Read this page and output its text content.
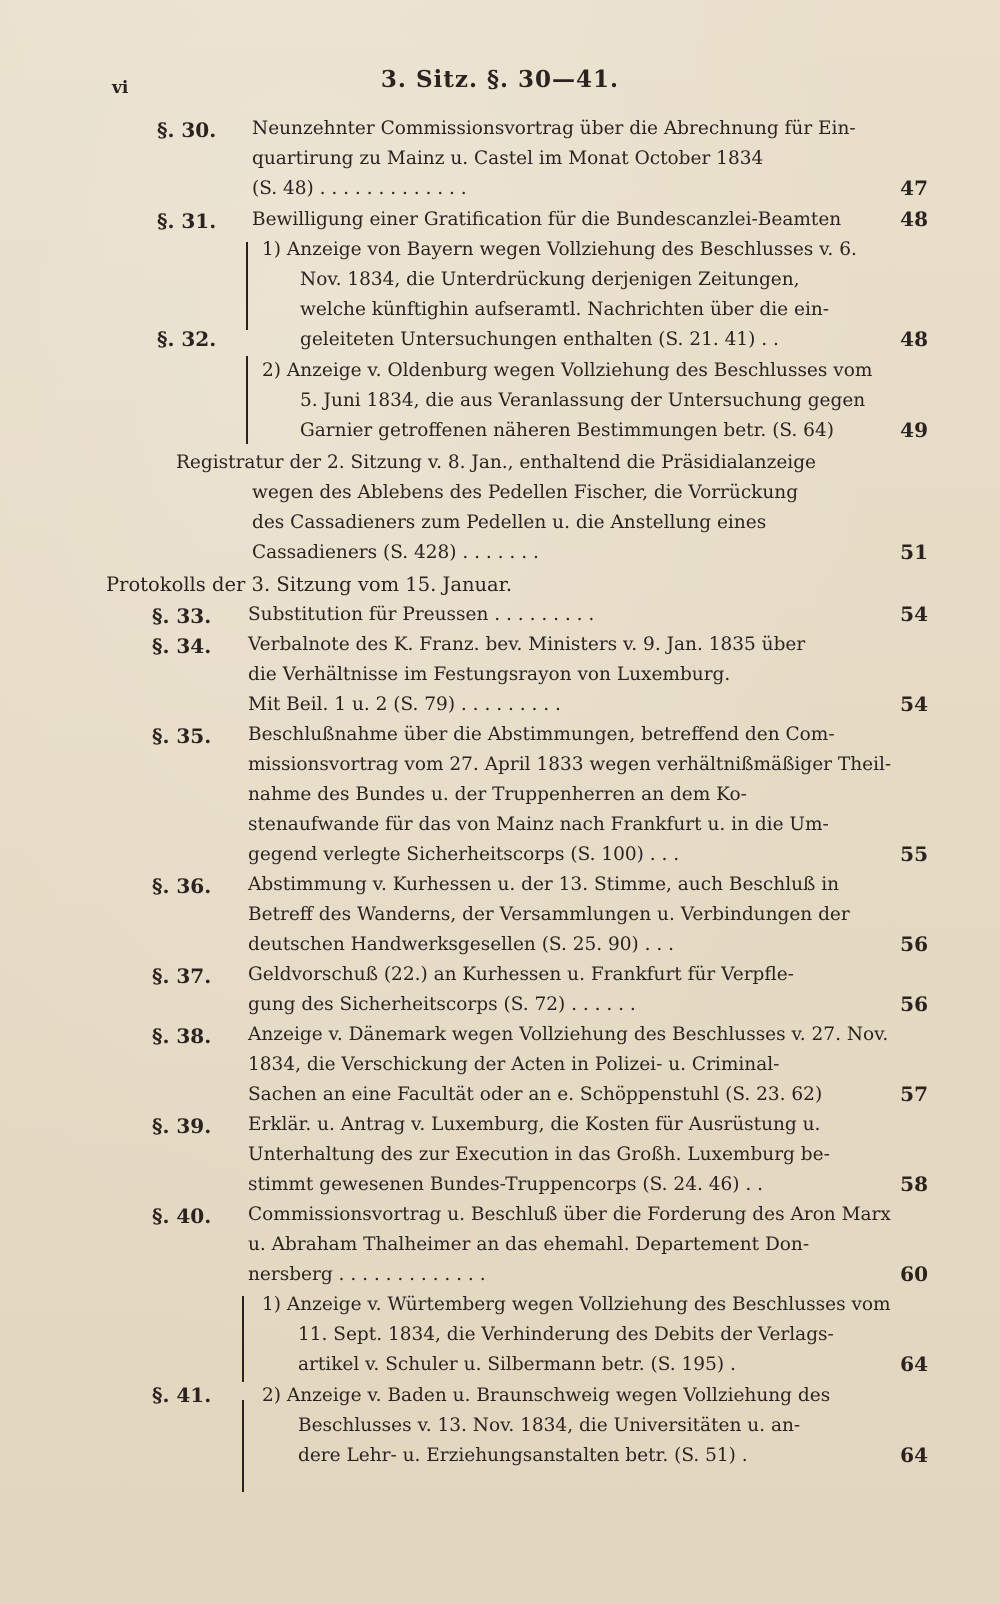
vi	3. Sitz. §. 30—41.
§. 30. Neunzehnter Commissionsvortrag über die Abrechnung für Ein-
quartirung zu Mainz u. Castel im Monat October 1834
(S. 48) . . . . . . . . . . . . .	47
§. 31. Bewilligung einer Gratification für die Bundescanzlei-Beamten	48
§. 32.
1) Anzeige von Bayern wegen Vollziehung des Beschlusses v. 6.
Nov. 1834, die Unterdrückung derjenigen Zeitungen,
welche künftighin aufseramtl. Nachrichten über die ein-
geleiteten Untersuchungen enthalten (S. 21. 41) . .	48
2) Anzeige v. Oldenburg wegen Vollziehung des Beschlusses vom
5. Juni 1834, die aus Veranlassung der Untersuchung gegen
Garnier getroffenen näheren Bestimmungen betr. (S. 64)	49
Registratur der 2. Sitzung v. 8. Jan., enthaltend die Präsidialanzeige
wegen des Ablebens des Pedellen Fischer, die Vorrückung
des Cassadieners zum Pedellen u. die Anstellung eines
Cassadieners (S. 428) . . . . . . .	51
Protokolls der 3. Sitzung vom 15. Januar.
§. 33. Substitution für Preussen . . . . . . . . .	54
§. 34. Verbalnote des K. Franz. bev. Ministers v. 9. Jan. 1835 über
die Verhältnisse im Festungsrayon von Luxemburg.
Mit Beil. 1 u. 2 (S. 79) . . . . . . . . .	54
§. 35. Beschlußnahme über die Abstimmungen, betreffend den Com-
missionsvortrag vom 27. April 1833 wegen verhältnißmäßiger Theil-
nahme des Bundes u. der Truppenherren an dem Ko-
stenaufwande für das von Mainz nach Frankfurt u. in die Um-
gegend verlegte Sicherheitscorps (S. 100) . . .	55
§. 36. Abstimmung v. Kurhessen u. der 13. Stimme, auch Beschluß in
Betreff des Wanderns, der Versammlungen u. Verbindungen der
deutschen Handwerksgesellen (S. 25. 90) . . .	56
§. 37. Geldvorschuß (22.) an Kurhessen u. Frankfurt für Verpfle-
gung des Sicherheitscorps (S. 72) . . . . . .	56
§. 38. Anzeige v. Dänemark wegen Vollziehung des Beschlusses v. 27. Nov.
1834, die Verschickung der Acten in Polizei- u. Criminal-
Sachen an eine Facultät oder an e. Schöppenstuhl (S. 23. 62)	57
§. 39. Erklär. u. Antrag v. Luxemburg, die Kosten für Ausrüstung u.
Unterhaltung des zur Execution in das Großh. Luxemburg be-
stimmt gewesenen Bundes-Truppencorps (S. 24. 46) . .	58
§. 40. Commissionsvortrag u. Beschluß über die Forderung des Aron Marx
u. Abraham Thalheimer an das ehemahl. Departement Don-
nersberg . . . . . . . . . . . . .	60
§. 41.
1) Anzeige v. Würtemberg wegen Vollziehung des Beschlusses vom
11. Sept. 1834, die Verhinderung des Debits der Verlags-
artikel v. Schuler u. Silbermann betr. (S. 195) .	64
2) Anzeige v. Baden u. Braunschweig wegen Vollziehung des
Beschlusses v. 13. Nov. 1834, die Universitäten u. an-
dere Lehr- u. Erziehungsanstalten betr. (S. 51) .	64
